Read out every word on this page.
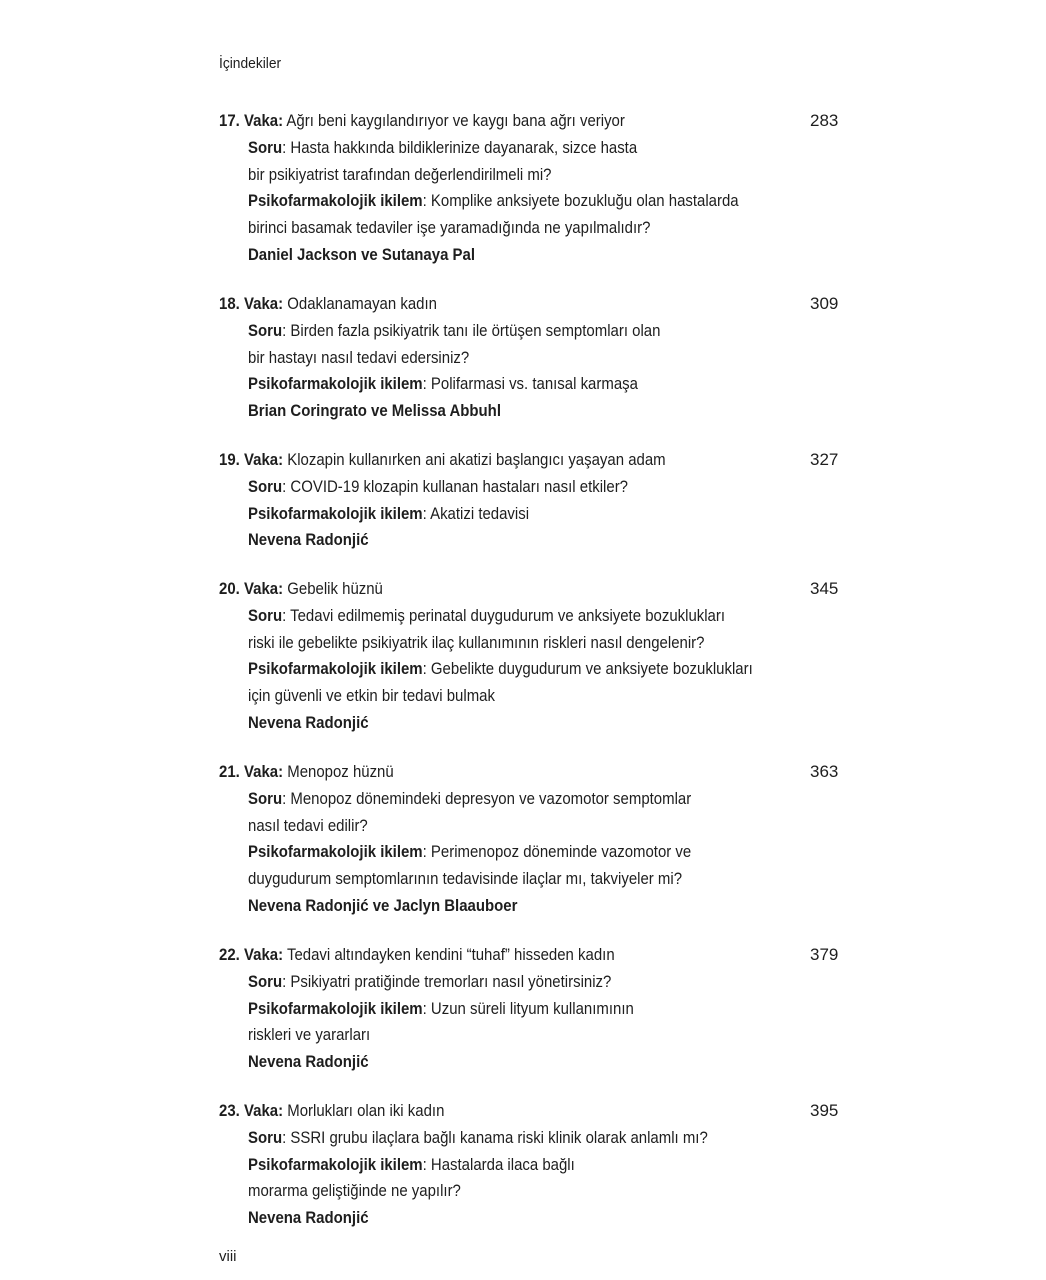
İçindekiler
17. Vaka: Ağrı beni kaygılandırıyor ve kaygı bana ağrı veriyor	283
Soru: Hasta hakkında bildiklerinize dayanarak, sizce hasta
bir psikiyatrist tarafından değerlendirilmeli mi?
Psikofarmakolojik ikilem: Komplike anksiyete bozukluğu olan hastalarda
birinci basamak tedaviler işe yaramadığında ne yapılmalıdır?
Daniel Jackson ve Sutanaya Pal
18. Vaka: Odaklanamayan kadın	309
Soru: Birden fazla psikiyatrik tanı ile örtüşen semptomları olan
bir hastayı nasıl tedavi edersiniz?
Psikofarmakolojik ikilem: Polifarmasi vs. tanısal karmaşa
Brian Coringrato ve Melissa Abbuhl
19. Vaka: Klozapin kullanırken ani akatizi başlangıcı yaşayan adam	327
Soru: COVID-19 klozapin kullanan hastaları nasıl etkiler?
Psikofarmakolojik ikilem: Akatizi tedavisi
Nevena Radonjić
20. Vaka: Gebelik hüznü	345
Soru: Tedavi edilmemiş perinatal duygudurum ve anksiyete bozuklukları
riski ile gebelikte psikiyatrik ilaç kullanımının riskleri nasıl dengelenir?
Psikofarmakolojik ikilem: Gebelikte duygudurum ve anksiyete bozuklukları
için güvenli ve etkin bir tedavi bulmak
Nevena Radonjić
21. Vaka: Menopoz hüznü	363
Soru: Menopoz dönemindeki depresyon ve vazomotor semptomlar
nasıl tedavi edilir?
Psikofarmakolojik ikilem: Perimenopoz döneminde vazomotor ve
duygudurum semptomlarının tedavisinde ilaçlar mı, takviyeler mi?
Nevena Radonjić ve Jaclyn Blaauboer
22. Vaka: Tedavi altındayken kendini “tuhaf” hisseden kadın	379
Soru: Psikiyatri pratiğinde tremorları nasıl yönetirsiniz?
Psikofarmakolojik ikilem: Uzun süreli lityum kullanımının
riskleri ve yararları
Nevena Radonjić
23. Vaka: Morlukları olan iki kadın	395
Soru: SSRI grubu ilaçlara bağlı kanama riski klinik olarak anlamlı mı?
Psikofarmakolojik ikilem: Hastalarda ilaca bağlı
morarma geliştiğinde ne yapılır?
Nevena Radonjić
viii
